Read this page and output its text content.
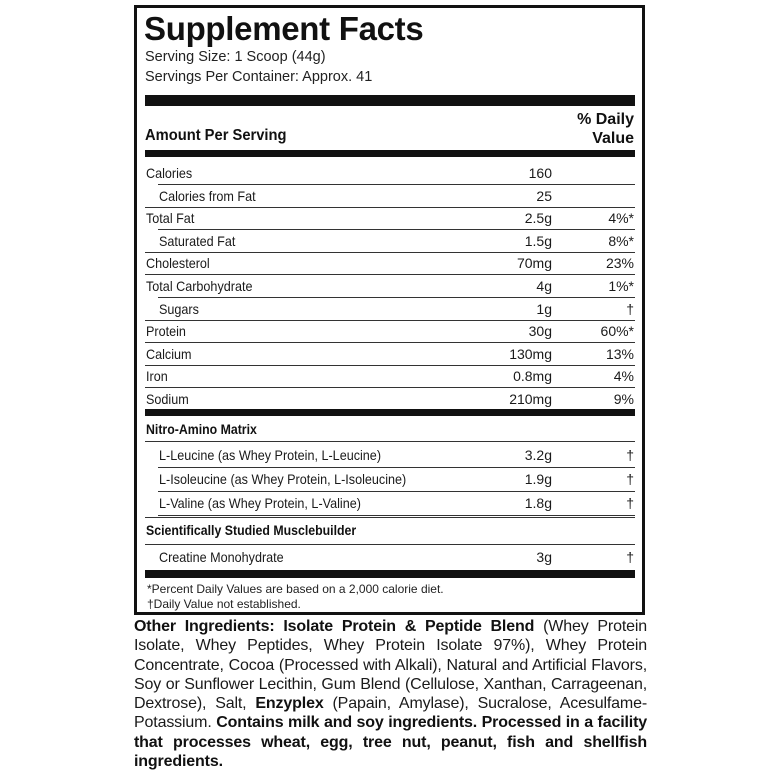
Supplement Facts
Serving Size: 1 Scoop (44g)
Servings Per Container: Approx. 41
Amount Per Serving
% Daily
Value
Calories	160
Calories from Fat	25
Total Fat	2.5g	4%*
Saturated Fat	1.5g	8%*
Cholesterol	70mg	23%
Total Carbohydrate	4g	1%*
Sugars	1g	†
Protein	30g	60%*
Calcium	130mg	13%
Iron	0.8mg	4%
Sodium	210mg	9%
Nitro-Amino Matrix
L-Leucine (as Whey Protein, L-Leucine)	3.2g	†
L-Isoleucine (as Whey Protein, L-Isoleucine)	1.9g	†
L-Valine (as Whey Protein, L-Valine)	1.8g	†
Scientifically Studied Musclebuilder
Creatine Monohydrate	3g	†
*Percent Daily Values are based on a 2,000 calorie diet.
†Daily Value not established.
Other Ingredients: Isolate Protein & Peptide Blend (Whey Protein Isolate, Whey Peptides, Whey Protein Isolate 97%), Whey Protein Concentrate, Cocoa (Processed with Alkali), Natural and Artificial Flavors, Soy or Sunflower Lecithin, Gum Blend (Cellulose, Xanthan, Carrageenan, Dextrose), Salt, Enzyplex (Papain, Amylase), Sucralose, Acesulfame-Potassium. Contains milk and soy ingredients. Processed in a facility that processes wheat, egg, tree nut, peanut, fish and shellfish ingredients.
